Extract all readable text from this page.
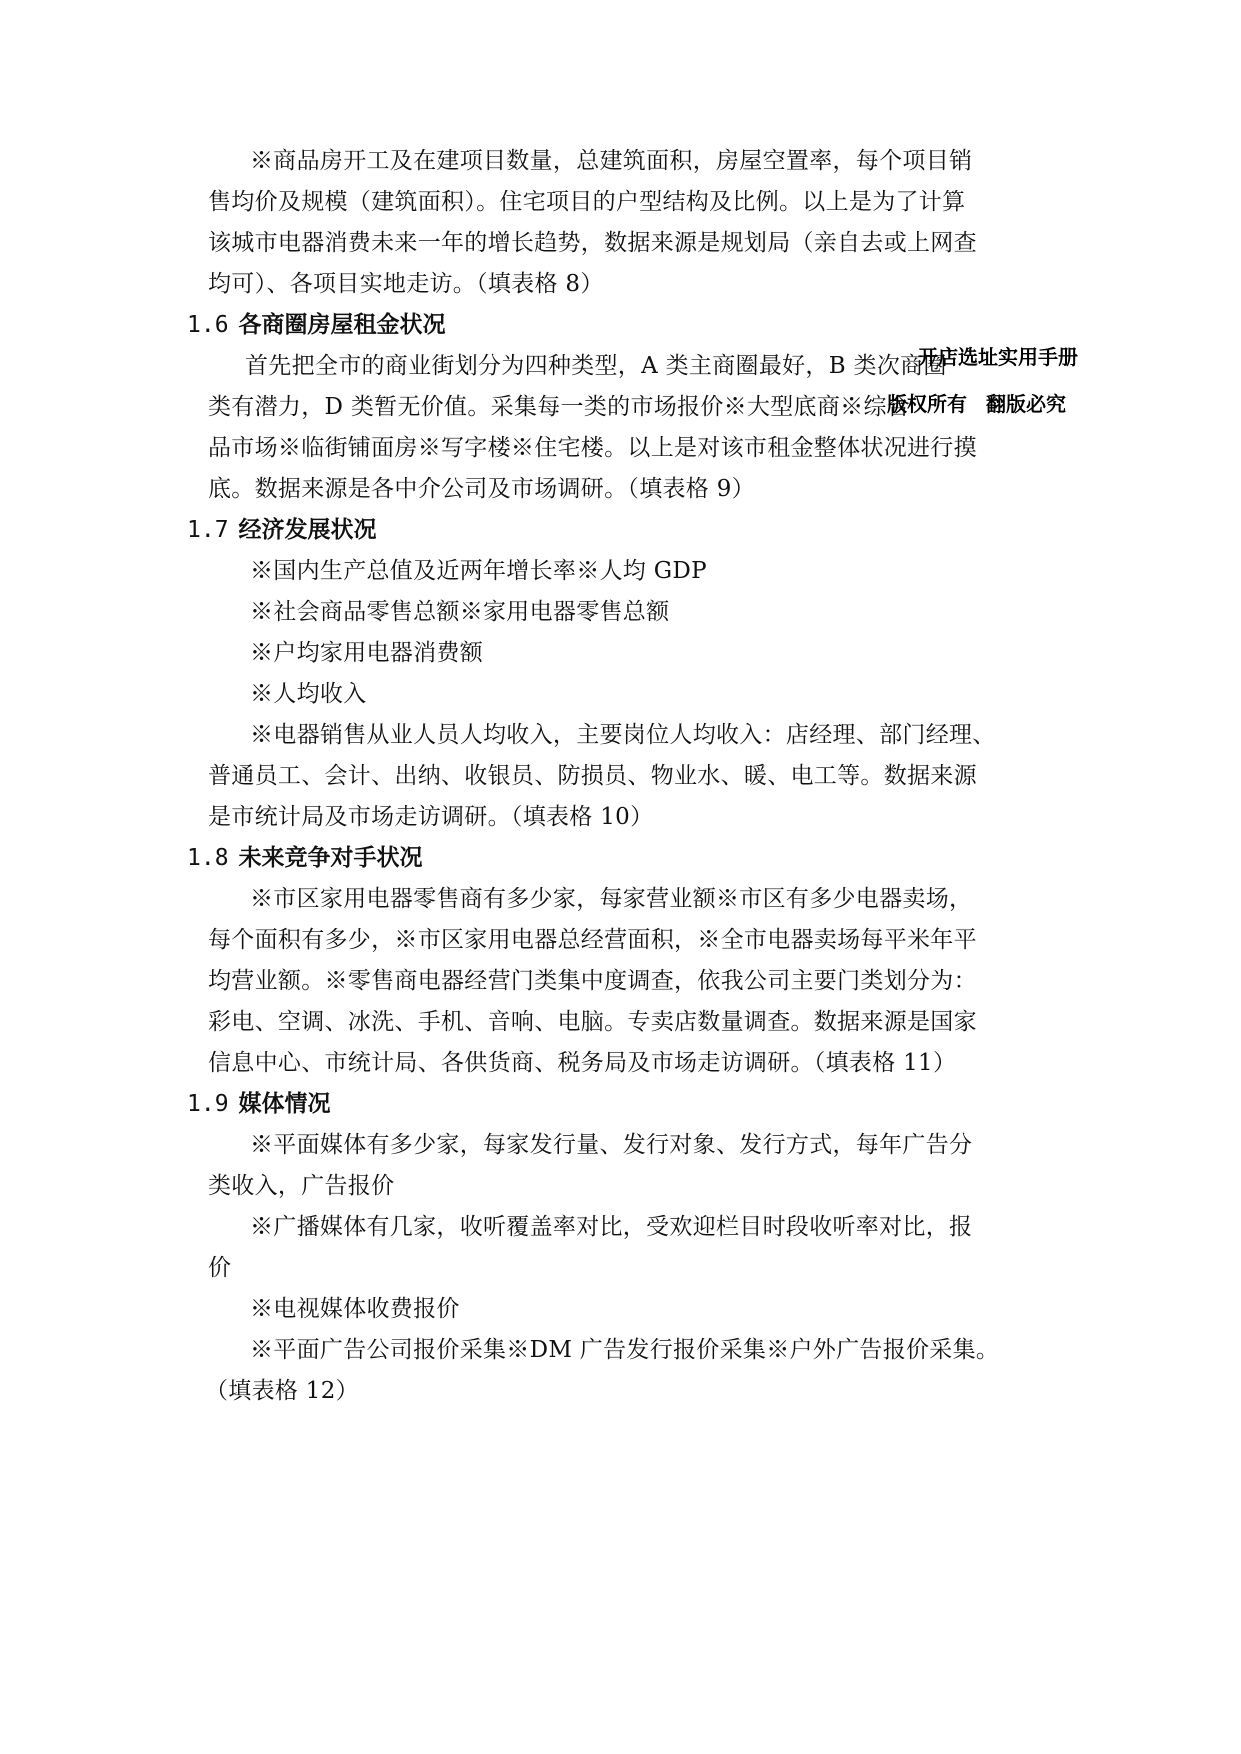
※商品房开工及在建项目数量，总建筑面积，房屋空置率，每个项目销
售均价及规模（建筑面积）。住宅项目的户型结构及比例。以上是为了计算
该城市电器消费未来一年的增长趋势，数据来源是规划局（亲自去或上网查
均可）、各项目实地走访。（填表格 8）
1.6 各商圈房屋租金状况
首先把全市的商业街划分为四种类型，A 类主商圈最好，B 类次商圈
类有潜力，D 类暂无价值。采集每一类的市场报价※大型底商※综合
品市场※临街铺面房※写字楼※住宅楼。以上是对该市租金整体状况进行摸
底。数据来源是各中介公司及市场调研。（填表格 9）
开店选址实用手册
版权所有 翻版必究
1.7 经济发展状况
※国内生产总值及近两年增长率※人均 GDP
※社会商品零售总额※家用电器零售总额
※户均家用电器消费额
※人均收入
※电器销售从业人员人均收入，主要岗位人均收入：店经理、部门经理、
普通员工、会计、出纳、收银员、防损员、物业水、暖、电工等。数据来源
是市统计局及市场走访调研。（填表格 10）
1.8 未来竞争对手状况
※市区家用电器零售商有多少家，每家营业额※市区有多少电器卖场，
每个面积有多少，※市区家用电器总经营面积，※全市电器卖场每平米年平
均营业额。※零售商电器经营门类集中度调查，依我公司主要门类划分为：
彩电、空调、冰洗、手机、音响、电脑。专卖店数量调查。数据来源是国家
信息中心、市统计局、各供货商、税务局及市场走访调研。（填表格 11）
1.9 媒体情况
※平面媒体有多少家，每家发行量、发行对象、发行方式，每年广告分
类收入，广告报价
※广播媒体有几家，收听覆盖率对比，受欢迎栏目时段收听率对比，报
价
※电视媒体收费报价
※平面广告公司报价采集※DM 广告发行报价采集※户外广告报价采集。
（填表格 12）
